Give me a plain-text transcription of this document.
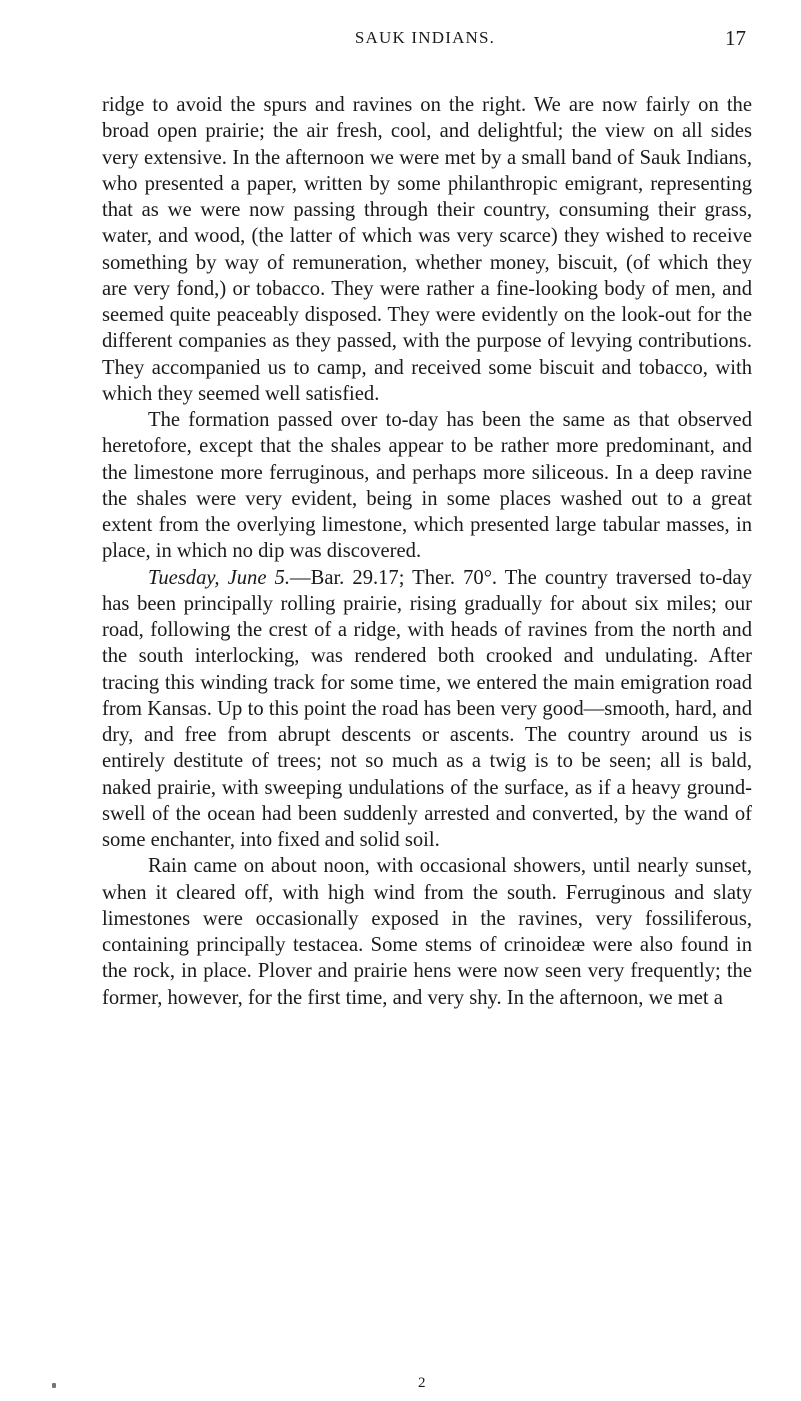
SAUK INDIANS.	17

ridge to avoid the spurs and ravines on the right. We are now fairly on the broad open prairie; the air fresh, cool, and delightful; the view on all sides very extensive. In the afternoon we were met by a small band of Sauk Indians, who presented a paper, written by some philanthropic emigrant, representing that as we were now passing through their country, consuming their grass, water, and wood, (the latter of which was very scarce) they wished to receive something by way of remuneration, whether money, biscuit, (of which they are very fond,) or tobacco. They were rather a fine-looking body of men, and seemed quite peaceably disposed. They were evidently on the look-out for the different companies as they passed, with the purpose of levying contributions. They accompanied us to camp, and received some biscuit and tobacco, with which they seemed well satisfied.

The formation passed over to-day has been the same as that observed heretofore, except that the shales appear to be rather more predominant, and the limestone more ferruginous, and perhaps more siliceous. In a deep ravine the shales were very evident, being in some places washed out to a great extent from the overlying limestone, which presented large tabular masses, in place, in which no dip was discovered.

Tuesday, June 5.—Bar. 29.17; Ther. 70°. The country traversed to-day has been principally rolling prairie, rising gradually for about six miles; our road, following the crest of a ridge, with heads of ravines from the north and the south interlocking, was rendered both crooked and undulating. After tracing this winding track for some time, we entered the main emigration road from Kansas. Up to this point the road has been very good—smooth, hard, and dry, and free from abrupt descents or ascents. The country around us is entirely destitute of trees; not so much as a twig is to be seen; all is bald, naked prairie, with sweeping undulations of the surface, as if a heavy ground-swell of the ocean had been suddenly arrested and converted, by the wand of some enchanter, into fixed and solid soil.

Rain came on about noon, with occasional showers, until nearly sunset, when it cleared off, with high wind from the south. Ferruginous and slaty limestones were occasionally exposed in the ravines, very fossiliferous, containing principally testacea. Some stems of crinoideæ were also found in the rock, in place. Plover and prairie hens were now seen very frequently; the former, however, for the first time, and very shy. In the afternoon, we met a

2
